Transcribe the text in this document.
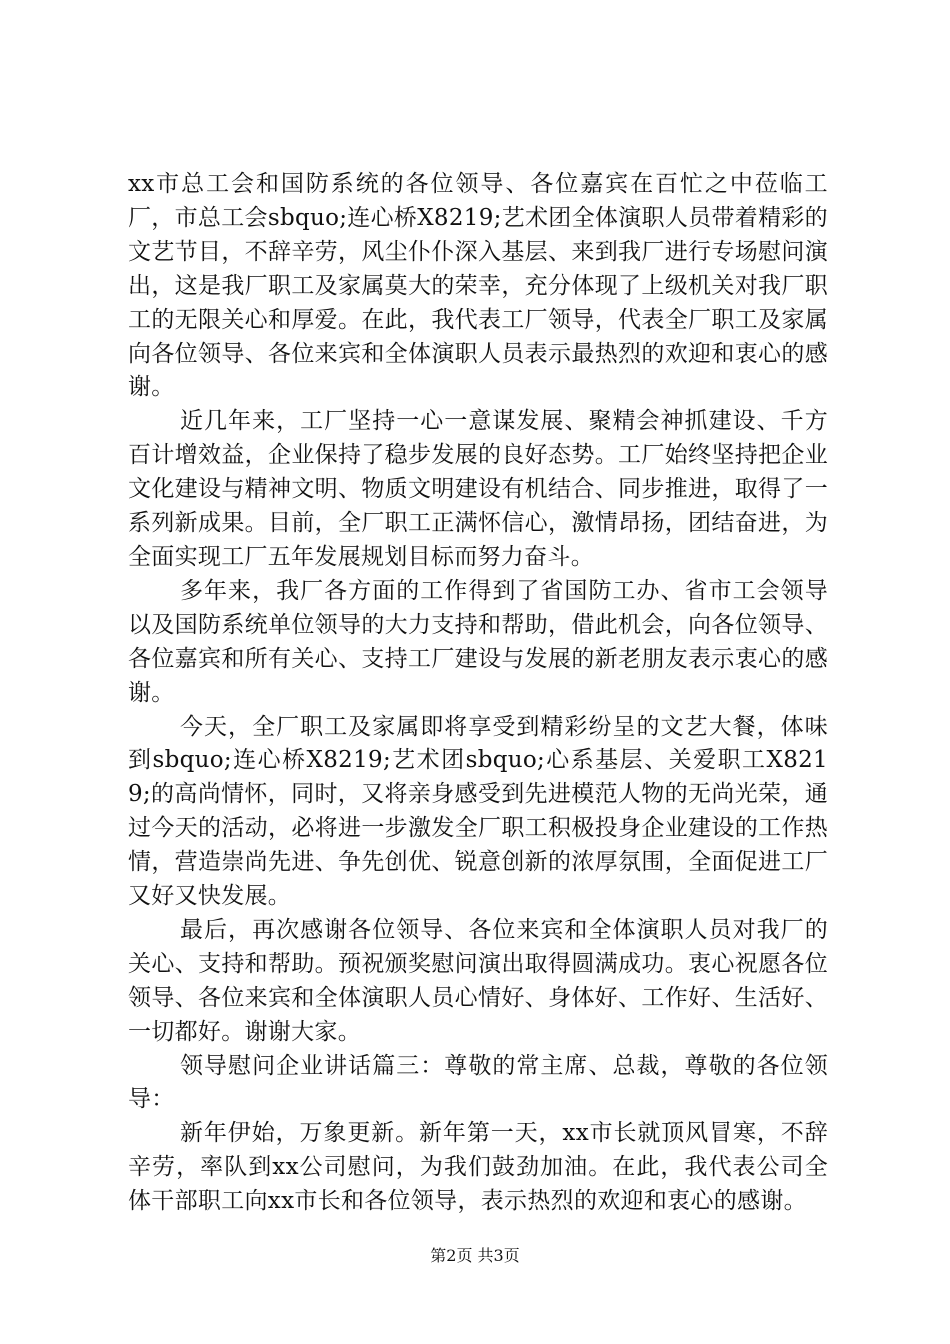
xx市总工会和国防系统的各位领导、各位嘉宾在百忙之中莅临工厂，市总工会sbquo;连心桥X8219;艺术团全体演职人员带着精彩的文艺节目，不辞辛劳，风尘仆仆深入基层、来到我厂进行专场慰问演出，这是我厂职工及家属莫大的荣幸，充分体现了上级机关对我厂职工的无限关心和厚爱。在此，我代表工厂领导，代表全厂职工及家属向各位领导、各位来宾和全体演职人员表示最热烈的欢迎和衷心的感谢。

近几年来，工厂坚持一心一意谋发展、聚精会神抓建设、千方百计增效益，企业保持了稳步发展的良好态势。工厂始终坚持把企业文化建设与精神文明、物质文明建设有机结合、同步推进，取得了一系列新成果。目前，全厂职工正满怀信心，激情昂扬，团结奋进，为全面实现工厂五年发展规划目标而努力奋斗。

多年来，我厂各方面的工作得到了省国防工办、省市工会领导以及国防系统单位领导的大力支持和帮助，借此机会，向各位领导、各位嘉宾和所有关心、支持工厂建设与发展的新老朋友表示衷心的感谢。

今天，全厂职工及家属即将享受到精彩纷呈的文艺大餐，体味到sbquo;连心桥X8219;艺术团sbquo;心系基层、关爱职工X8219;的高尚情怀，同时，又将亲身感受到先进模范人物的无尚光荣，通过今天的活动，必将进一步激发全厂职工积极投身企业建设的工作热情，营造崇尚先进、争先创优、锐意创新的浓厚氛围，全面促进工厂又好又快发展。

最后，再次感谢各位领导、各位来宾和全体演职人员对我厂的关心、支持和帮助。预祝颁奖慰问演出取得圆满成功。衷心祝愿各位领导、各位来宾和全体演职人员心情好、身体好、工作好、生活好、一切都好。谢谢大家。

领导慰问企业讲话篇三：尊敬的常主席、总裁，尊敬的各位领导：

新年伊始，万象更新。新年第一天，xx市长就顶风冒寒，不辞辛劳，率队到xx公司慰问，为我们鼓劲加油。在此，我代表公司全体干部职工向xx市长和各位领导，表示热烈的欢迎和衷心的感谢。

第2页 共3页
